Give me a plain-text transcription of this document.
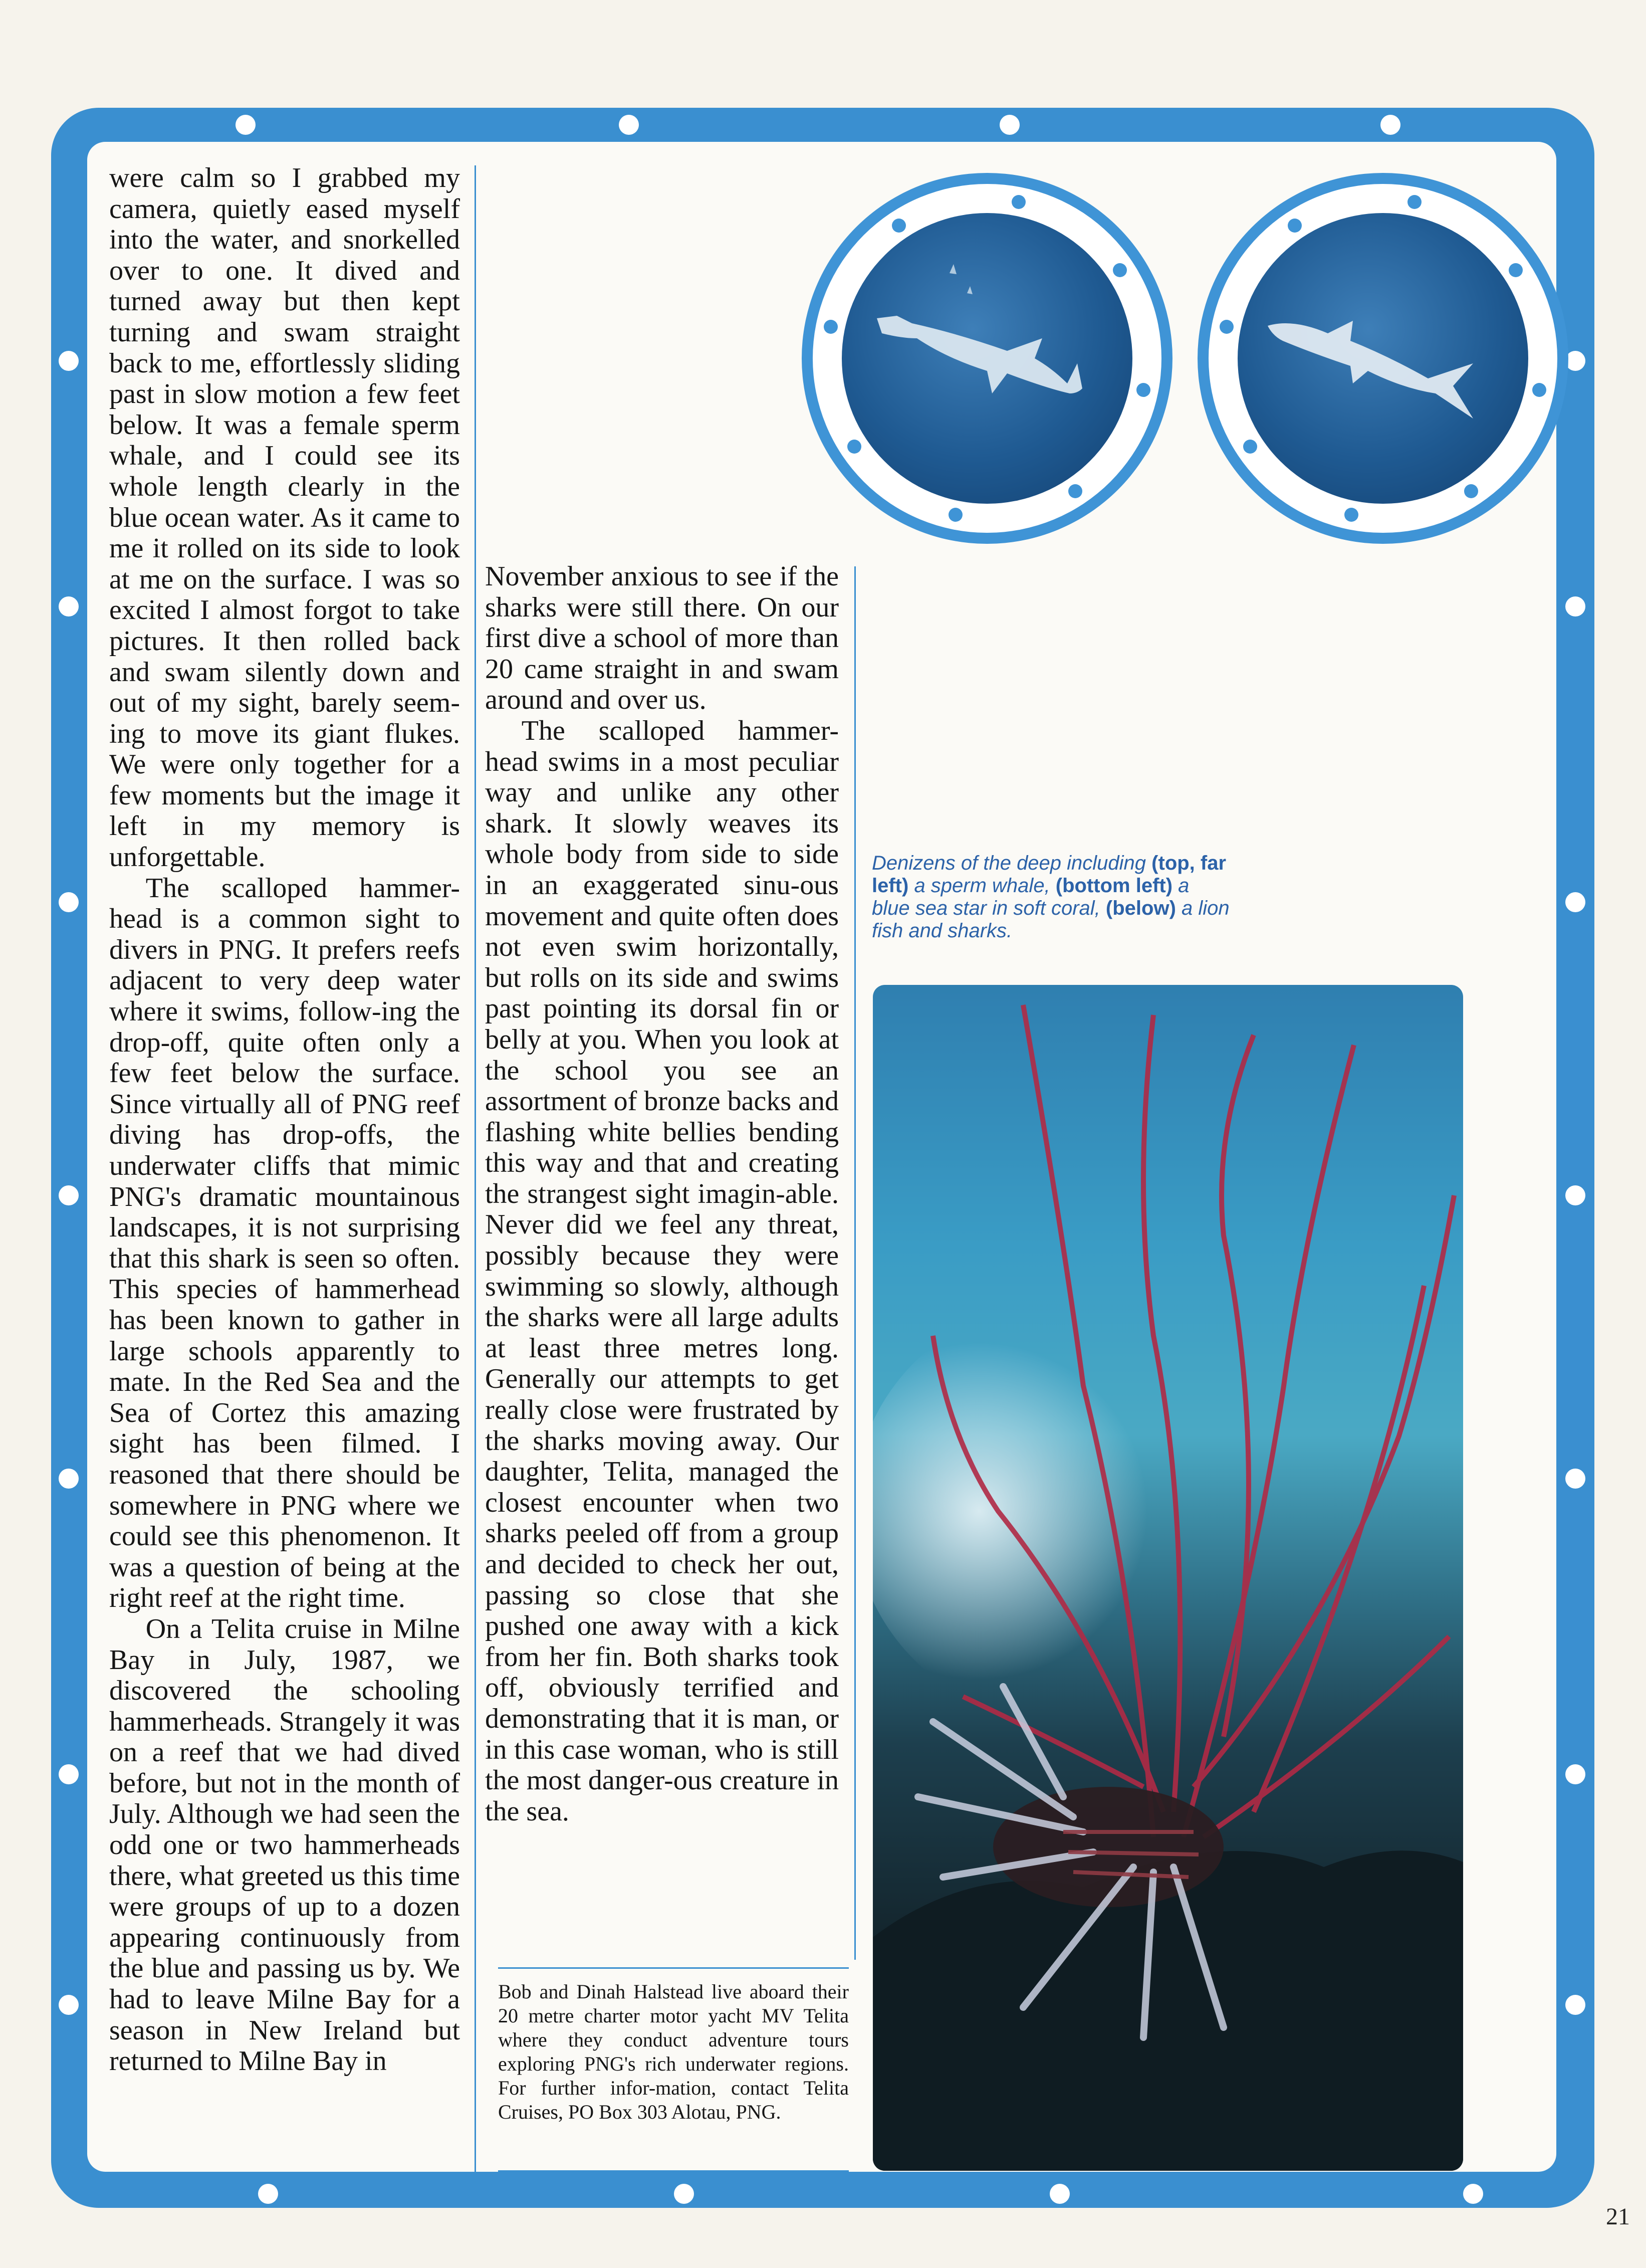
were calm so I grabbed my camera, quietly eased myself into the water, and snorkelled over to one. It dived and turned away but then kept turning and swam straight back to me, effortlessly sliding past in slow motion a few feet below. It was a female sperm whale, and I could see its whole length clearly in the blue ocean water. As it came to me it rolled on its side to look at me on the surface. I was so excited I almost forgot to take pictures. It then rolled back and swam silently down and out of my sight, barely seem-ing to move its giant flukes. We were only together for a few moments but the image it left in my memory is unforgettable.

The scalloped hammer-head is a common sight to divers in PNG. It prefers reefs adjacent to very deep water where it swims, follow-ing the drop-off, quite often only a few feet below the surface. Since virtually all of PNG reef diving has drop-offs, the underwater cliffs that mimic PNG's dramatic mountainous landscapes, it is not surprising that this shark is seen so often. This species of hammerhead has been known to gather in large schools apparently to mate. In the Red Sea and the Sea of Cortez this amazing sight has been filmed. I reasoned that there should be somewhere in PNG where we could see this phenomenon. It was a question of being at the right reef at the right time.

On a Telita cruise in Milne Bay in July, 1987, we discovered the schooling hammerheads. Strangely it was on a reef that we had dived before, but not in the month of July. Although we had seen the odd one or two hammerheads there, what greeted us this time were groups of up to a dozen appearing continuously from the blue and passing us by. We had to leave Milne Bay for a season in New Ireland but returned to Milne Bay in

November anxious to see if the sharks were still there. On our first dive a school of more than 20 came straight in and swam around and over us.

The scalloped hammer-head swims in a most peculiar way and unlike any other shark. It slowly weaves its whole body from side to side in an exaggerated sinu-ous movement and quite often does not even swim horizontally, but rolls on its side and swims past pointing its dorsal fin or belly at you. When you look at the school you see an assortment of bronze backs and flashing white bellies bending this way and that and creating the strangest sight imagin-able. Never did we feel any threat, possibly because they were swimming so slowly, although the sharks were all large adults at least three metres long. Generally our attempts to get really close were frustrated by the sharks moving away. Our daughter, Telita, managed the closest encounter when two sharks peeled off from a group and decided to check her out, passing so close that she pushed one away with a kick from her fin. Both sharks took off, obviously terrified and demonstrating that it is man, or in this case woman, who is still the most danger-ous creature in the sea.

Bob and Dinah Halstead live aboard their 20 metre charter motor yacht MV Telita where they conduct adventure tours exploring PNG's rich underwater regions. For further infor-mation, contact Telita Cruises, PO Box 303 Alotau, PNG.
Denizens of the deep including (top, far left) a sperm whale, (bottom left) a blue sea star in soft coral, (below) a lion fish and sharks.
21
